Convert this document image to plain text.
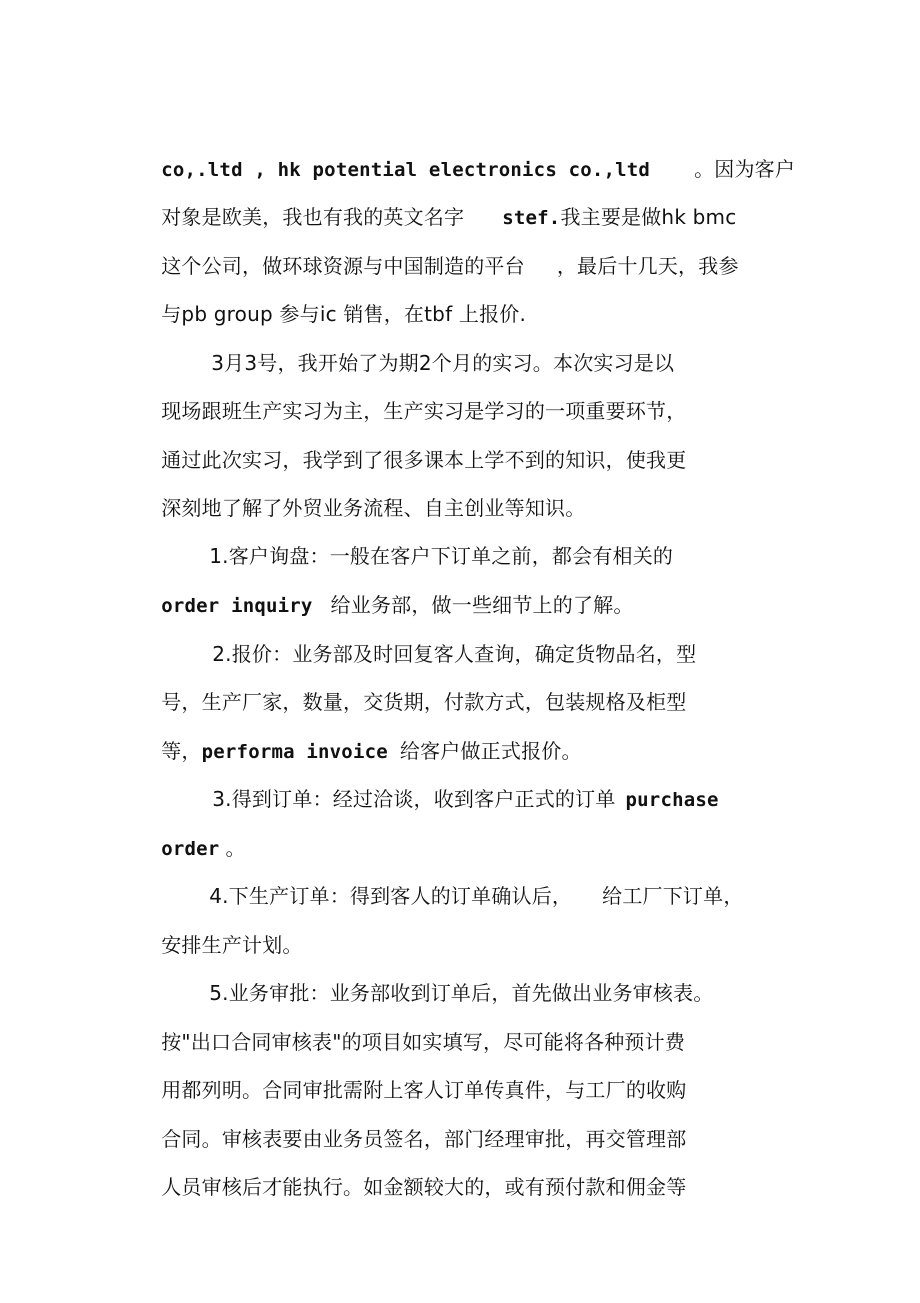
co,.ltd , hk potential electronics co.,ltd 。因为客户

对象是欧美，我也有我的英文名字 stef.我主要是做hk bmc

这个公司，做环球资源与中国制造的平台 ，最后十几天，我参

与pb group 参与ic 销售，在tbf 上报价.

3月3号，我开始了为期2个月的实习。本次实习是以

现场跟班生产实习为主，生产实习是学习的一项重要环节，

通过此次实习，我学到了很多课本上学不到的知识，使我更

深刻地了解了外贸业务流程、自主创业等知识。

1.客户询盘：一般在客户下订单之前，都会有相关的

order inquiry 给业务部，做一些细节上的了解。

2.报价：业务部及时回复客人查询，确定货物品名，型

号，生产厂家，数量，交货期，付款方式，包装规格及柜型

等，performa invoice 给客户做正式报价。

3.得到订单：经过洽谈，收到客户正式的订单 purchase

order 。

4.下生产订单：得到客人的订单确认后， 给工厂下订单，

安排生产计划。

5.业务审批：业务部收到订单后，首先做出业务审核表。

按"出口合同审核表"的项目如实填写，尽可能将各种预计费

用都列明。合同审批需附上客人订单传真件，与工厂的收购

合同。审核表要由业务员签名，部门经理审批，再交管理部

人员审核后才能执行。如金额较大的，或有预付款和佣金等
